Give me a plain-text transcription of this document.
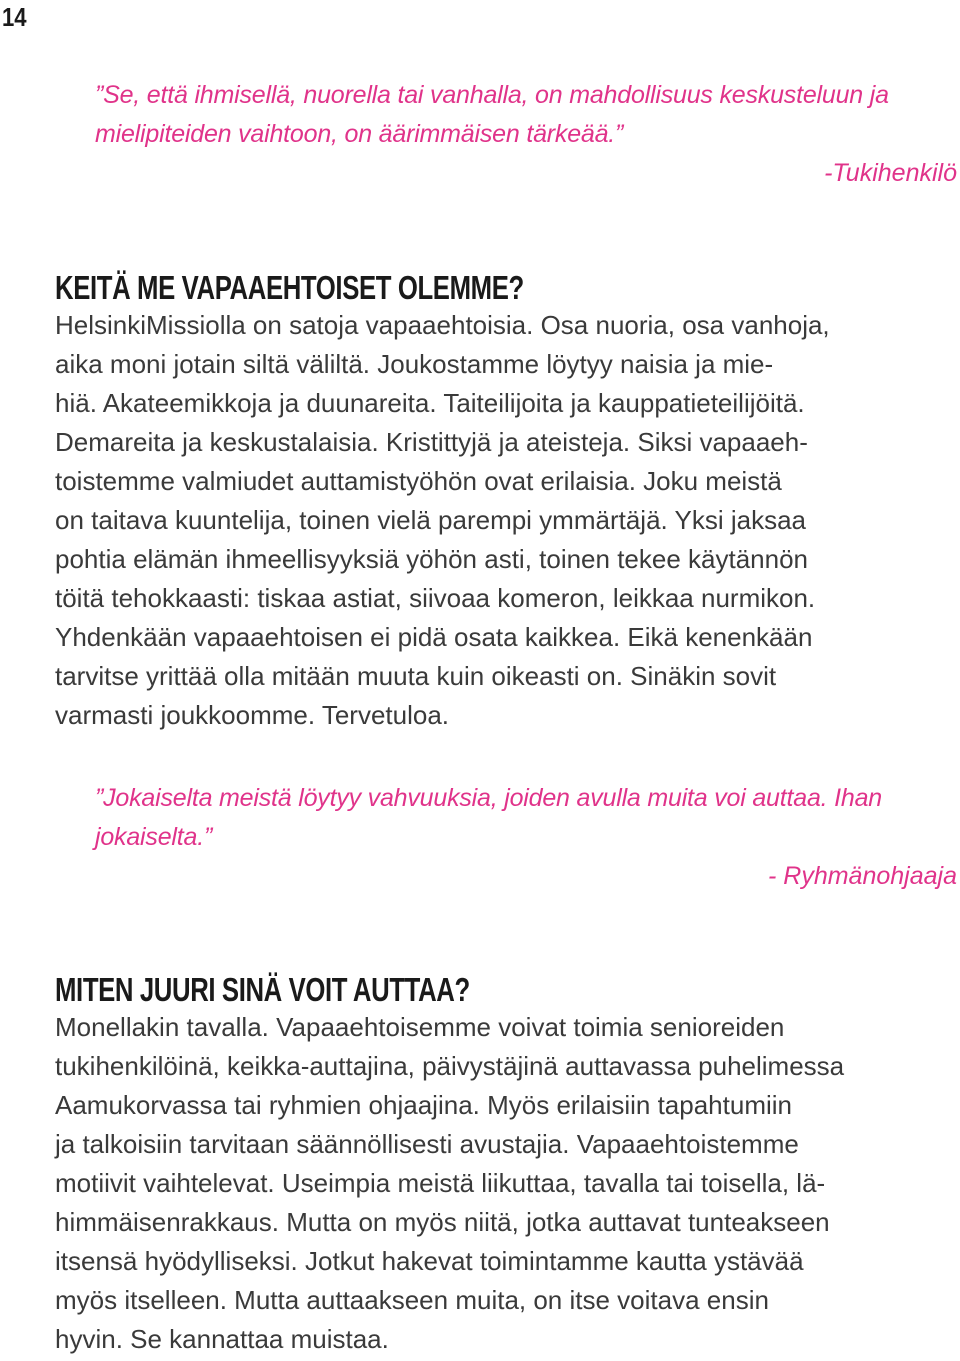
14
”Se, että ihmisellä, nuorella tai vanhalla, on mahdollisuus keskusteluun ja
mielipiteiden vaihtoon, on äärimmäisen tärkeää.”
-Tukihenkilö
KEITÄ ME VAPAAEHTOISET OLEMME?

HelsinkiMissiolla on satoja vapaaehtoisia. Osa nuoria, osa vanhoja,
aika moni jotain siltä väliltä. Joukostamme löytyy naisia ja mie-
hiä. Akateemikkoja ja duunareita. Taiteilijoita ja kauppatieteilijöitä.
Demareita ja keskustalaisia. Kristittyjä ja ateisteja. Siksi vapaaeh-
toistemme valmiudet auttamistyöhön ovat erilaisia. Joku meistä
on taitava kuuntelija, toinen vielä parempi ymmärtäjä. Yksi jaksaa
pohtia elämän ihmeellisyyksiä yöhön asti, toinen tekee käytännön
töitä tehokkaasti: tiskaa astiat, siivoaa komeron, leikkaa nurmikon.
Yhdenkään vapaaehtoisen ei pidä osata kaikkea. Eikä kenenkään
tarvitse yrittää olla mitään muuta kuin oikeasti on. Sinäkin sovit
varmasti joukkoomme. Tervetuloa.

”Jokaiselta meistä löytyy vahvuuksia, joiden avulla muita voi auttaa. Ihan
jokaiselta.”
- Ryhmänohjaaja
MITEN JUURI SINÄ VOIT AUTTAA?

Monellakin tavalla. Vapaaehtoisemme voivat toimia senioreiden
tukihenkilöinä, keikka-auttajina, päivystäjinä auttavassa puhelimessa
Aamukorvassa tai ryhmien ohjaajina. Myös erilaisiin tapahtumiin
ja talkoisiin tarvitaan säännöllisesti avustajia. Vapaaehtoistemme
motiivit vaihtelevat. Useimpia meistä liikuttaa, tavalla tai toisella, lä-
himmäisenrakkaus. Mutta on myös niitä, jotka auttavat tunteakseen
itsensä hyödylliseksi. Jotkut hakevat toimintamme kautta ystävää
myös itselleen. Mutta auttaakseen muita, on itse voitava ensin
hyvin. Se kannattaa muistaa.
